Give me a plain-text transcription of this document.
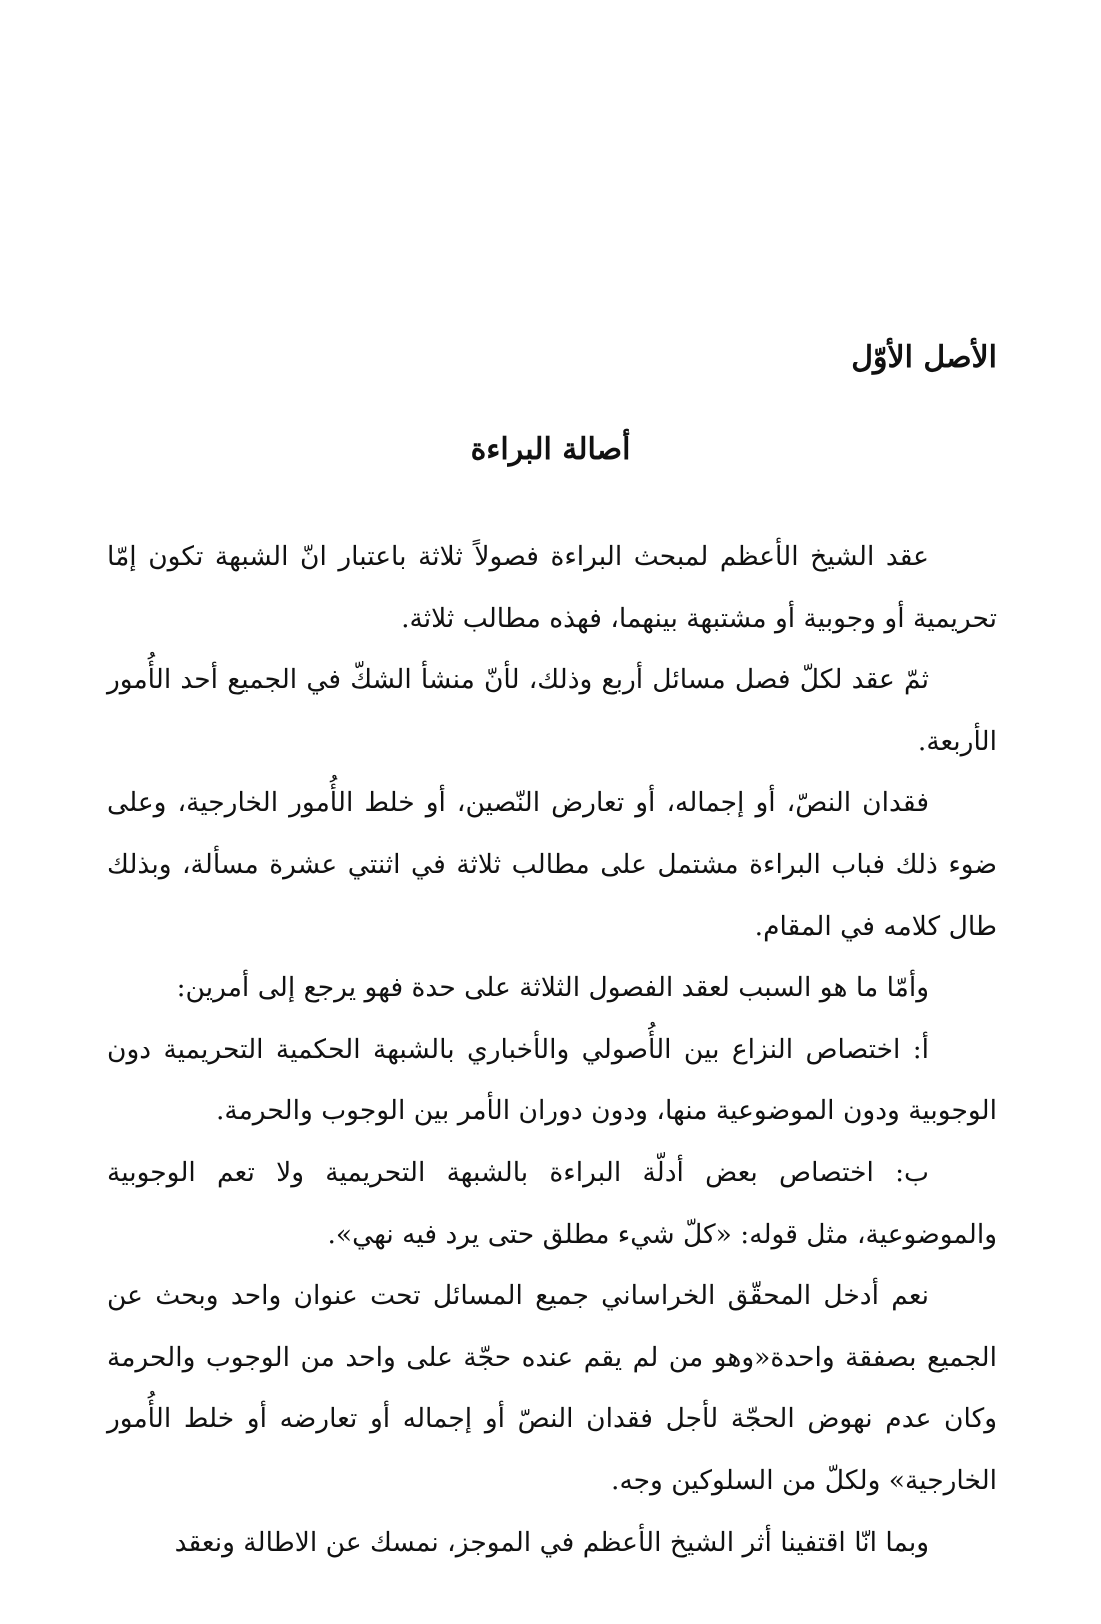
الأصل الأوّل
أصالة البراءة

عقد الشيخ الأعظم لمبحث البراءة فصولاً ثلاثة باعتبار انّ الشبهة تكون إمّا تحريمية أو وجوبية أو مشتبهة بينهما، فهذه مطالب ثلاثة.

ثمّ عقد لكلّ فصل مسائل أربع وذلك، لأنّ منشأ الشكّ في الجميع أحد الأُمور الأربعة.

فقدان النصّ، أو إجماله، أو تعارض النّصين، أو خلط الأُمور الخارجية، وعلى ضوء ذلك فباب البراءة مشتمل على مطالب ثلاثة في اثنتي عشرة مسألة، وبذلك طال كلامه في المقام.

وأمّا ما هو السبب لعقد الفصول الثلاثة على حدة فهو يرجع إلى أمرين:

أ: اختصاص النزاع بين الأُصولي والأخباري بالشبهة الحكمية التحريمية دون الوجوبية ودون الموضوعية منها، ودون دوران الأمر بين الوجوب والحرمة.

ب: اختصاص بعض أدلّة البراءة بالشبهة التحريمية ولا تعم الوجوبية والموضوعية، مثل قوله: «كلّ شيء مطلق حتى يرد فيه نهي».

نعم أدخل المحقّق الخراساني جميع المسائل تحت عنوان واحد وبحث عن الجميع بصفقة واحدة«وهو من لم يقم عنده حجّة على واحد من الوجوب والحرمة وكان عدم نهوض الحجّة لأجل فقدان النصّ أو إجماله أو تعارضه أو خلط الأُمور الخارجية» ولكلّ من السلوكين وجه.

وبما انّا اقتفينا أثر الشيخ الأعظم في الموجز، نمسك عن الاطالة ونعقد
